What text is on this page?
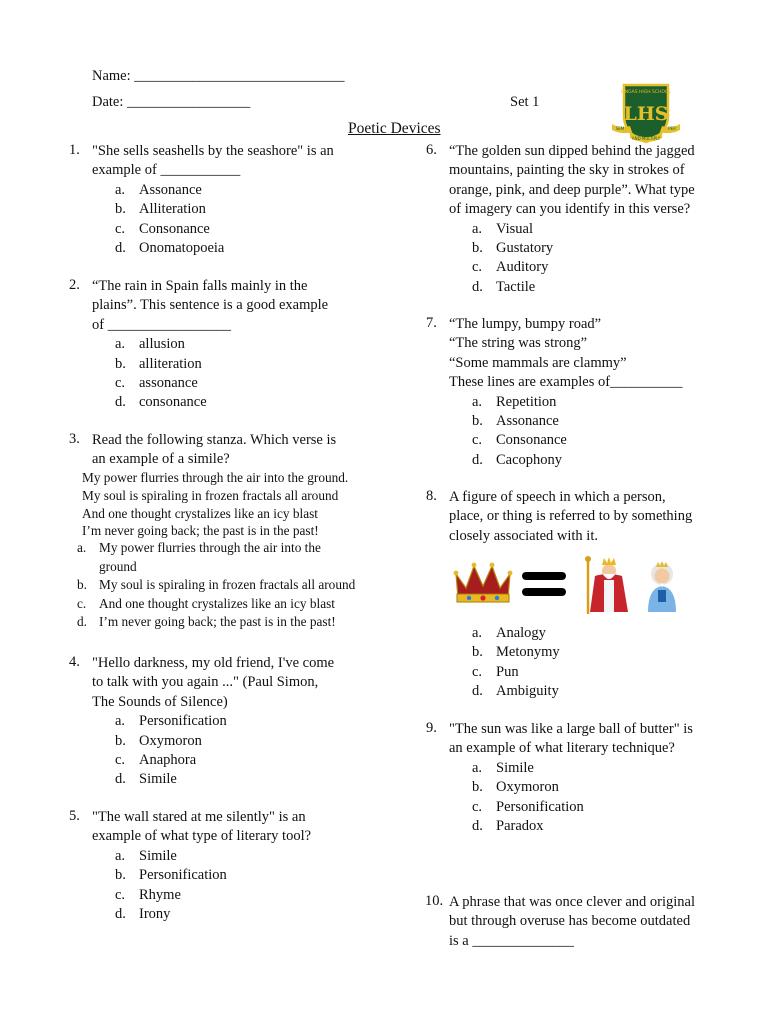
Name: _____________________________
Date: _________________	Set 1
Poetic Devices
LINGAS HIGH SCHOOL
LHS
SEM	PER
AND MULTIPLY
1. "She sells seashells by the seashore" is an
example of ___________
a. Assonance
b. Alliteration
c. Consonance
d. Onomatopoeia
2. “The rain in Spain falls mainly in the
plains”. This sentence is a good example
of _________________
a. allusion
b. alliteration
c. assonance
d. consonance
3. Read the following stanza. Which verse is
an example of a simile?
My power flurries through the air into the ground.
My soul is spiraling in frozen fractals all around
And one thought crystalizes like an icy blast
I’m never going back; the past is in the past!
a. My power flurries through the air into the
ground
b. My soul is spiraling in frozen fractals all around
c. And one thought crystalizes like an icy blast
d. I’m never going back; the past is in the past!
4. "Hello darkness, my old friend, I've come
to talk with you again ..." (Paul Simon,
The Sounds of Silence)
a. Personification
b. Oxymoron
c. Anaphora
d. Simile
5. "The wall stared at me silently" is an
example of what type of literary tool?
a. Simile
b. Personification
c. Rhyme
d. Irony
6. “The golden sun dipped behind the jagged
mountains, painting the sky in strokes of
orange, pink, and deep purple”. What type
of imagery can you identify in this verse?
a. Visual
b. Gustatory
c. Auditory
d. Tactile
7. “The lumpy, bumpy road”
“The string was strong”
“Some mammals are clammy”
These lines are examples of__________
a. Repetition
b. Assonance
c. Consonance
d. Cacophony
8. A figure of speech in which a person,
place, or thing is referred to by something
closely associated with it.
a. Analogy
b. Metonymy
c. Pun
d. Ambiguity
9. "The sun was like a large ball of butter" is
an example of what literary technique?
a. Simile
b. Oxymoron
c. Personification
d. Paradox
10. A phrase that was once clever and original
but through overuse has become outdated
is a ______________
